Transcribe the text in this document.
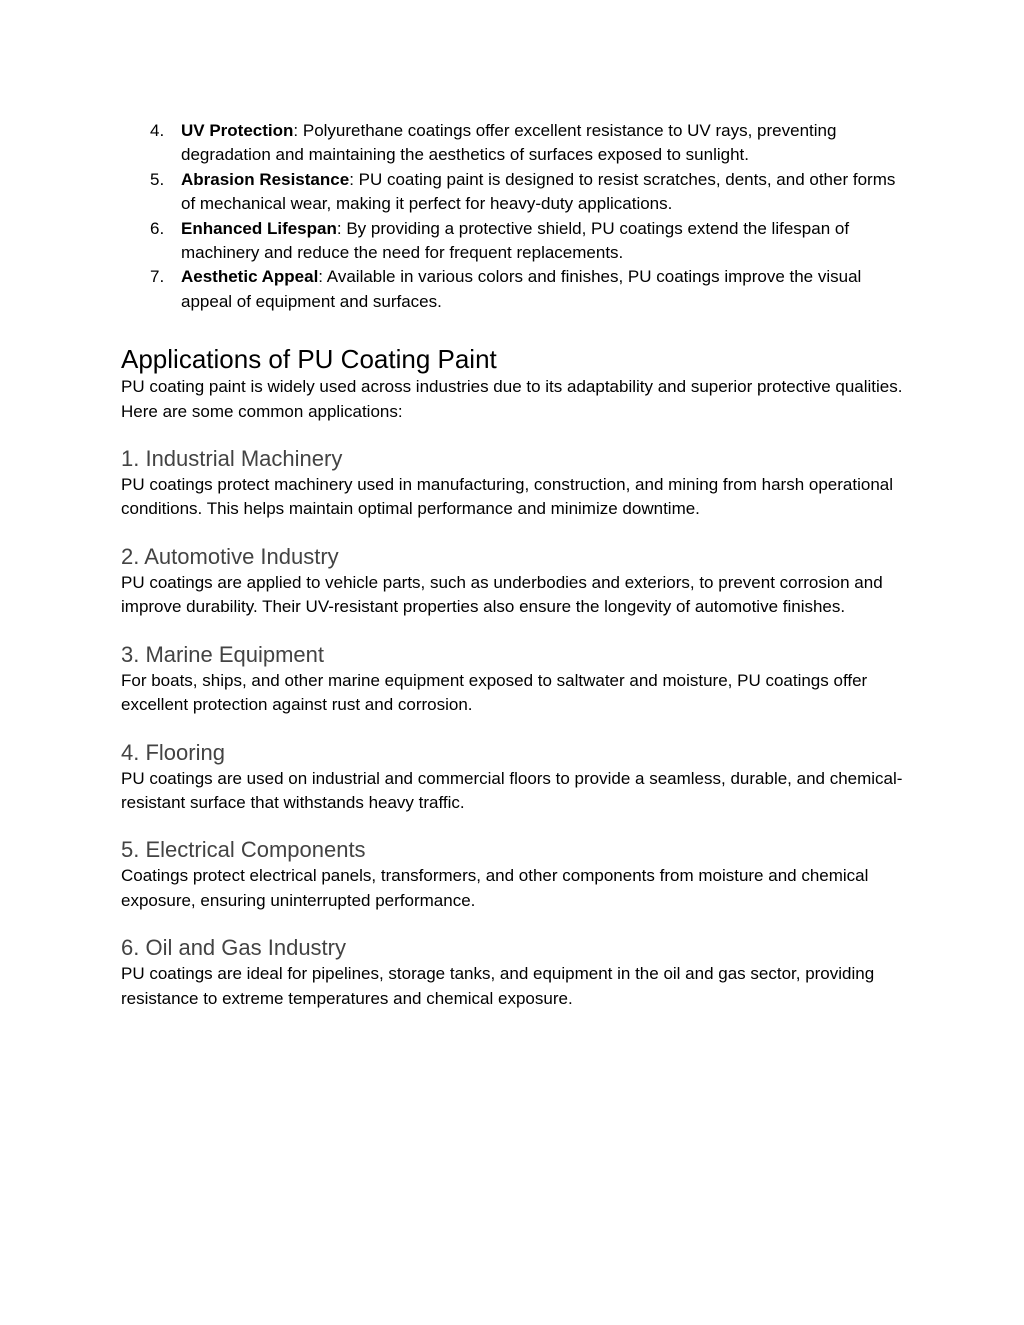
4. UV Protection: Polyurethane coatings offer excellent resistance to UV rays, preventing degradation and maintaining the aesthetics of surfaces exposed to sunlight.
5. Abrasion Resistance: PU coating paint is designed to resist scratches, dents, and other forms of mechanical wear, making it perfect for heavy-duty applications.
6. Enhanced Lifespan: By providing a protective shield, PU coatings extend the lifespan of machinery and reduce the need for frequent replacements.
7. Aesthetic Appeal: Available in various colors and finishes, PU coatings improve the visual appeal of equipment and surfaces.
Applications of PU Coating Paint

PU coating paint is widely used across industries due to its adaptability and superior protective qualities. Here are some common applications:

1. Industrial Machinery

PU coatings protect machinery used in manufacturing, construction, and mining from harsh operational conditions. This helps maintain optimal performance and minimize downtime.

2. Automotive Industry

PU coatings are applied to vehicle parts, such as underbodies and exteriors, to prevent corrosion and improve durability. Their UV-resistant properties also ensure the longevity of automotive finishes.

3. Marine Equipment

For boats, ships, and other marine equipment exposed to saltwater and moisture, PU coatings offer excellent protection against rust and corrosion.

4. Flooring

PU coatings are used on industrial and commercial floors to provide a seamless, durable, and chemical-resistant surface that withstands heavy traffic.

5. Electrical Components

Coatings protect electrical panels, transformers, and other components from moisture and chemical exposure, ensuring uninterrupted performance.

6. Oil and Gas Industry

PU coatings are ideal for pipelines, storage tanks, and equipment in the oil and gas sector, providing resistance to extreme temperatures and chemical exposure.
